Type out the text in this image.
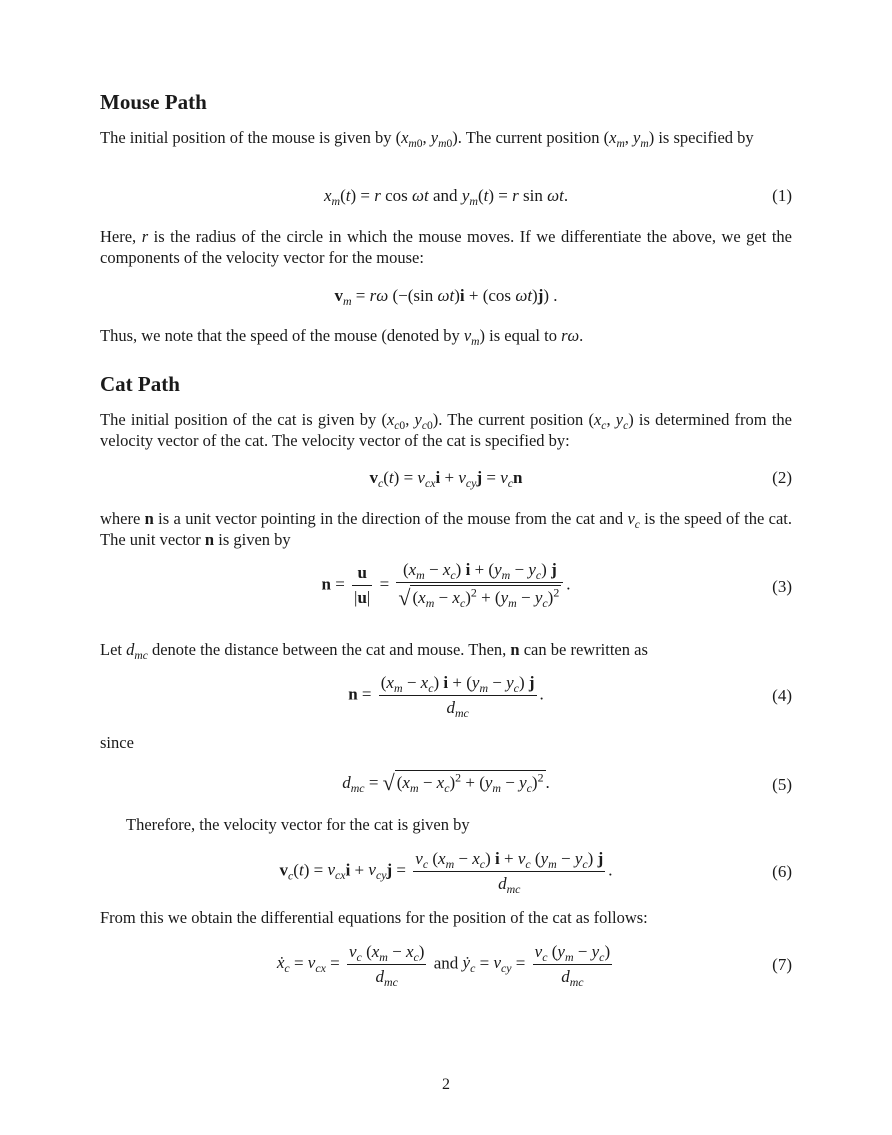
Mouse Path

The initial position of the mouse is given by ($x_{m0}$, $y_{m0}$). The current position ($x_m$, $y_m$) is specified by

$x_m(t) = r$ cos ωt and $y_m(t) = r$ sin ωt.	(1)

Here, r is the radius of the circle in which the mouse moves. If we differentiate the above, we get the components of the velocity vector for the mouse:

$v_m = r\omega$ (−(sin ωt)i + (cos ωt)j) .

Thus, we note that the speed of the mouse (denoted by $v_m$) is equal to rω.

Cat Path

The initial position of the cat is given by ($x_{c0}$, $y_{c0}$). The current position ($x_c$, $y_c$) is determined from the velocity vector of the cat. The velocity vector of the cat is specified by:

$v_c(t) = v_{cx}i + v_{cy}j = v_cn$	(2)

where n is a unit vector pointing in the direction of the mouse from the cat and $v_c$ is the speed of the cat. The unit vector n is given by

$n = \frac{u}{|u|} = \frac{(x_m - x_c) i + (y_m - y_c) j}{√ (x_m - x_c)^2 + (y_m - y_c)^2}$ .	(3)

Let $d_{mc}$ denote the distance between the cat and mouse. Then, n can be rewritten as

$n = \frac{(x_m - x_c) i + (y_m - y_c) j}{d_{mc}}$ .	(4)

since

$d_{mc}$ = √ $(x_m - x_c)^2 + (y_m - y_c)^2$ .	(5)

Therefore, the velocity vector for the cat is given by

$v_c(t) = v_{cx}i + v_{cy}j = \frac{v_c (x_m - x_c) i + v_c (y_m - y_c) j}{d_{mc}}$ .	(6)

From this we obtain the differential equations for the position of the cat as follows:

ẋ$_c$ = $v_{cx} = \frac{v_c (x_m - x_c)}{d_{mc}}$ and ẏ$_c$ = $v_{cy} = \frac{v_c (y_m - y_c)}{d_{mc}}$	(7)
2
